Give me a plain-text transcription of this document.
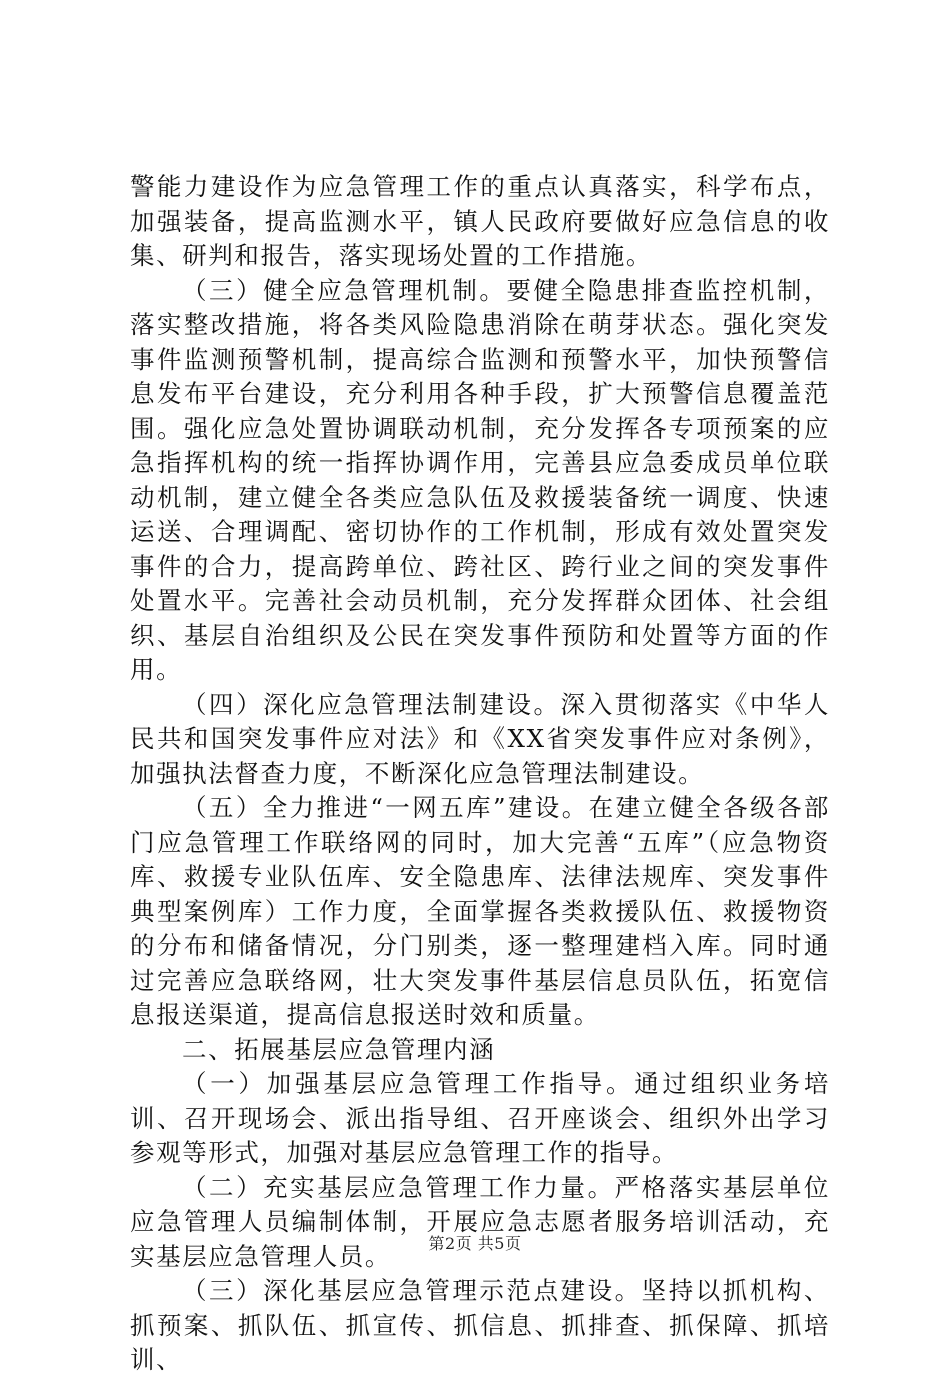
警能力建设作为应急管理工作的重点认真落实，科学布点，加强装备，提高监测水平，镇人民政府要做好应急信息的收集、研判和报告，落实现场处置的工作措施。

（三）健全应急管理机制。要健全隐患排查监控机制，落实整改措施，将各类风险隐患消除在萌芽状态。强化突发事件监测预警机制，提高综合监测和预警水平，加快预警信息发布平台建设，充分利用各种手段，扩大预警信息覆盖范围。强化应急处置协调联动机制，充分发挥各专项预案的应急指挥机构的统一指挥协调作用，完善县应急委成员单位联动机制，建立健全各类应急队伍及救援装备统一调度、快速运送、合理调配、密切协作的工作机制，形成有效处置突发事件的合力，提高跨单位、跨社区、跨行业之间的突发事件处置水平。完善社会动员机制，充分发挥群众团体、社会组织、基层自治组织及公民在突发事件预防和处置等方面的作用。

（四）深化应急管理法制建设。深入贯彻落实《中华人民共和国突发事件应对法》和《XX省突发事件应对条例》，加强执法督查力度，不断深化应急管理法制建设。

（五）全力推进“一网五库”建设。在建立健全各级各部门应急管理工作联络网的同时，加大完善“五库”（应急物资库、救援专业队伍库、安全隐患库、法律法规库、突发事件典型案例库）工作力度，全面掌握各类救援队伍、救援物资的分布和储备情况，分门别类，逐一整理建档入库。同时通过完善应急联络网，壮大突发事件基层信息员队伍，拓宽信息报送渠道，提高信息报送时效和质量。

二、拓展基层应急管理内涵

（一）加强基层应急管理工作指导。通过组织业务培训、召开现场会、派出指导组、召开座谈会、组织外出学习参观等形式，加强对基层应急管理工作的指导。

（二）充实基层应急管理工作力量。严格落实基层单位应急管理人员编制体制，开展应急志愿者服务培训活动，充实基层应急管理人员。

（三）深化基层应急管理示范点建设。坚持以抓机构、抓预案、抓队伍、抓宣传、抓信息、抓排查、抓保障、抓培训、

第2页 共5页
